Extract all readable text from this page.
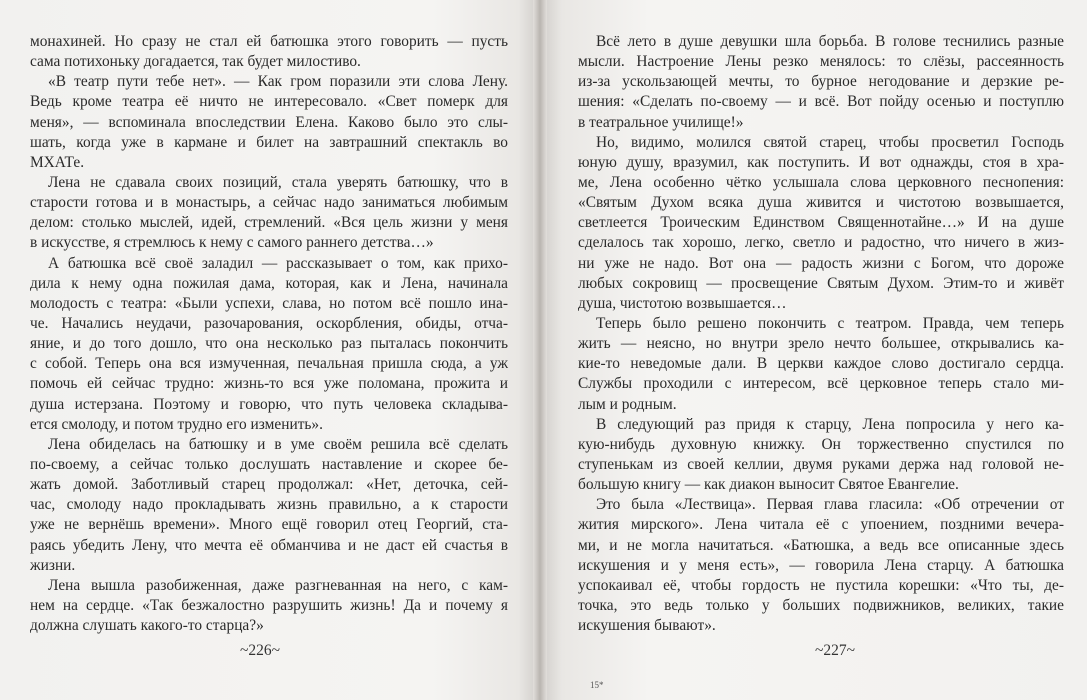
монахиней. Но сразу не стал ей батюшка этого говорить — пусть
сама потихоньку догадается, так будет милостиво.
«В театр пути тебе нет». — Как гром поразили эти слова Лену.
Ведь кроме театра её ничто не интересовало. «Свет померк для
меня», — вспоминала впоследствии Елена. Каково было это слы-
шать, когда уже в кармане и билет на завтрашний спектакль во
МХАТе.
Лена не сдавала своих позиций, стала уверять батюшку, что в
старости готова и в монастырь, а сейчас надо заниматься любимым
делом: столько мыслей, идей, стремлений. «Вся цель жизни у меня
в искусстве, я стремлюсь к нему с самого раннего детства…»
А батюшка всё своё заладил — рассказывает о том, как прихо-
дила к нему одна пожилая дама, которая, как и Лена, начинала
молодость с театра: «Были успехи, слава, но потом всё пошло ина-
че. Начались неудачи, разочарования, оскорбления, обиды, отча-
яние, и до того дошло, что она несколько раз пыталась покончить
с собой. Теперь она вся измученная, печальная пришла сюда, а уж
помочь ей сейчас трудно: жизнь-то вся уже поломана, прожита и
душа истерзана. Поэтому и говорю, что путь человека складыва-
ется смолоду, и потом трудно его изменить».
Лена обиделась на батюшку и в уме своём решила всё сделать
по-своему, а сейчас только дослушать наставление и скорее бе-
жать домой. Заботливый старец продолжал: «Нет, деточка, сей-
час, смолоду надо прокладывать жизнь правильно, а к старости
уже не вернёшь времени». Много ещё говорил отец Георгий, ста-
раясь убедить Лену, что мечта её обманчива и не даст ей счастья в
жизни.
Лена вышла разобиженная, даже разгневанная на него, с кам-
нем на сердце. «Так безжалостно разрушить жизнь! Да и почему я
должна слушать какого-то старца?»
~226~
Всё лето в душе девушки шла борьба. В голове теснились разные
мысли. Настроение Лены резко менялось: то слёзы, рассеянность
из-за ускользающей мечты, то бурное негодование и дерзкие ре-
шения: «Сделать по-своему — и всё. Вот пойду осенью и поступлю
в театральное училище!»
Но, видимо, молился святой старец, чтобы просветил Господь
юную душу, вразумил, как поступить. И вот однажды, стоя в хра-
ме, Лена особенно чётко услышала слова церковного песнопения:
«Святым Духом всяка душа живится и чистотою возвышается,
светлеется Троическим Единством Священнотайне…» И на душе
сделалось так хорошо, легко, светло и радостно, что ничего в жиз-
ни уже не надо. Вот она — радость жизни с Богом, что дороже
любых сокровищ — просвещение Святым Духом. Этим-то и живёт
душа, чистотою возвышается…
Теперь было решено покончить с театром. Правда, чем теперь
жить — неясно, но внутри зрело нечто большее, открывались ка-
кие-то неведомые дали. В церкви каждое слово достигало сердца.
Службы проходили с интересом, всё церковное теперь стало ми-
лым и родным.
В следующий раз придя к старцу, Лена попросила у него ка-
кую-нибудь духовную книжку. Он торжественно спустился по
ступенькам из своей келлии, двумя руками держа над головой не-
большую книгу — как диакон выносит Святое Евангелие.
Это была «Лествица». Первая глава гласила: «Об отречении от
жития мирского». Лена читала её с упоением, поздними вечера-
ми, и не могла начитаться. «Батюшка, а ведь все описанные здесь
искушения и у меня есть», — говорила Лена старцу. А батюшка
успокаивал её, чтобы гордость не пустила корешки: «Что ты, де-
точка, это ведь только у больших подвижников, великих, такие
искушения бывают».
15*
~227~
